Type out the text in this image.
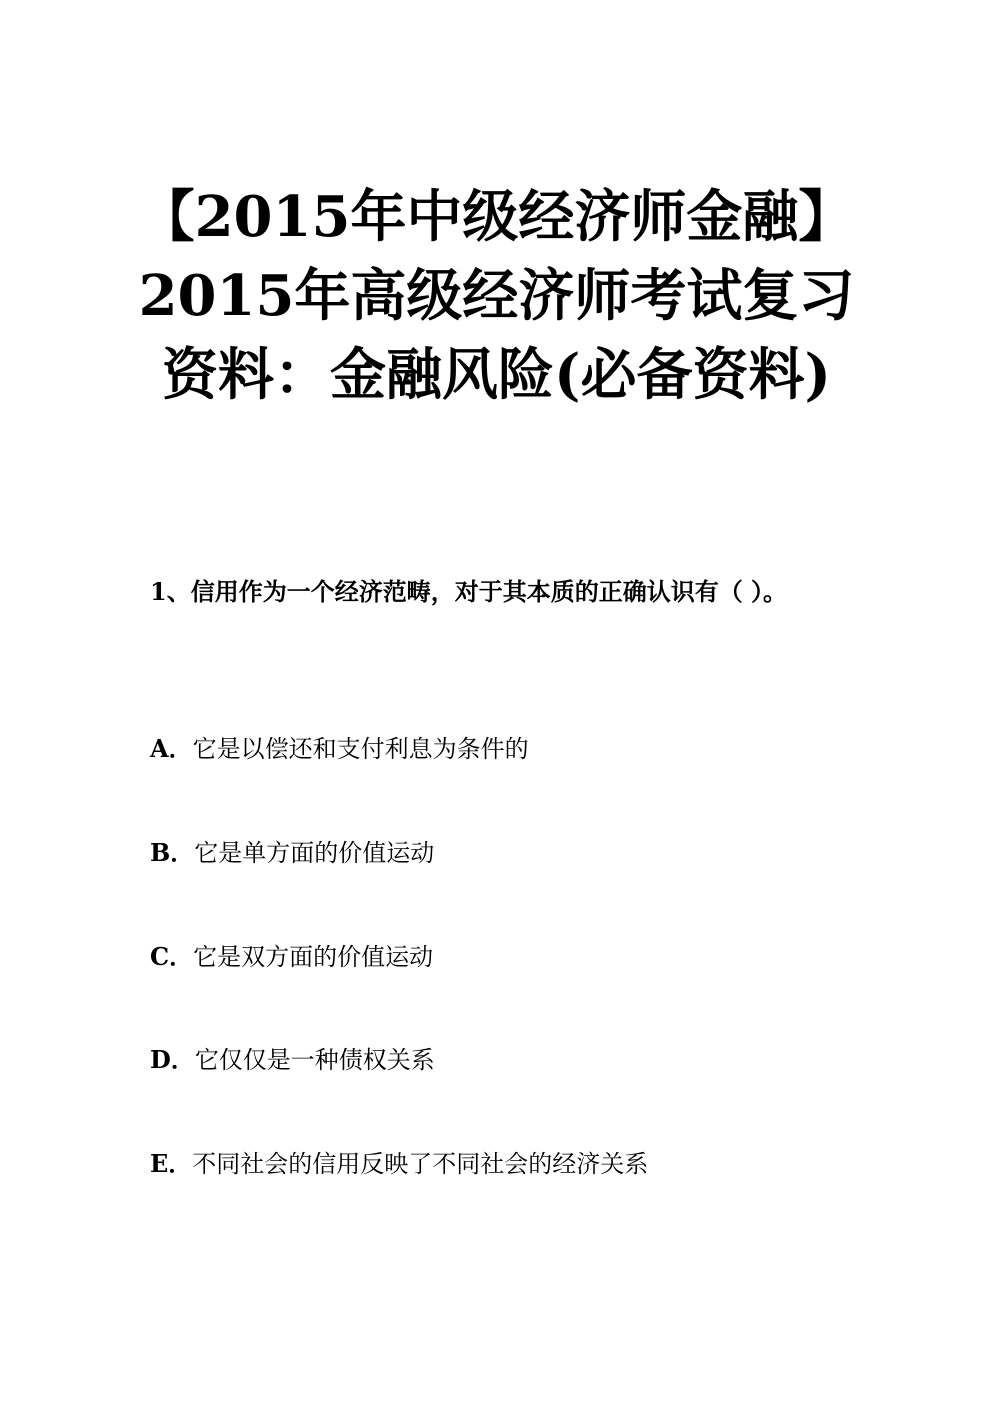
【2015年中级经济师金融】2015年高级经济师考试复习资料：金融风险(必备资料)

1、信用作为一个经济范畴，对于其本质的正确认识有（ ）。

A．它是以偿还和支付利息为条件的

B．它是单方面的价值运动

C．它是双方面的价值运动

D．它仅仅是一种债权关系

E．不同社会的信用反映了不同社会的经济关系
